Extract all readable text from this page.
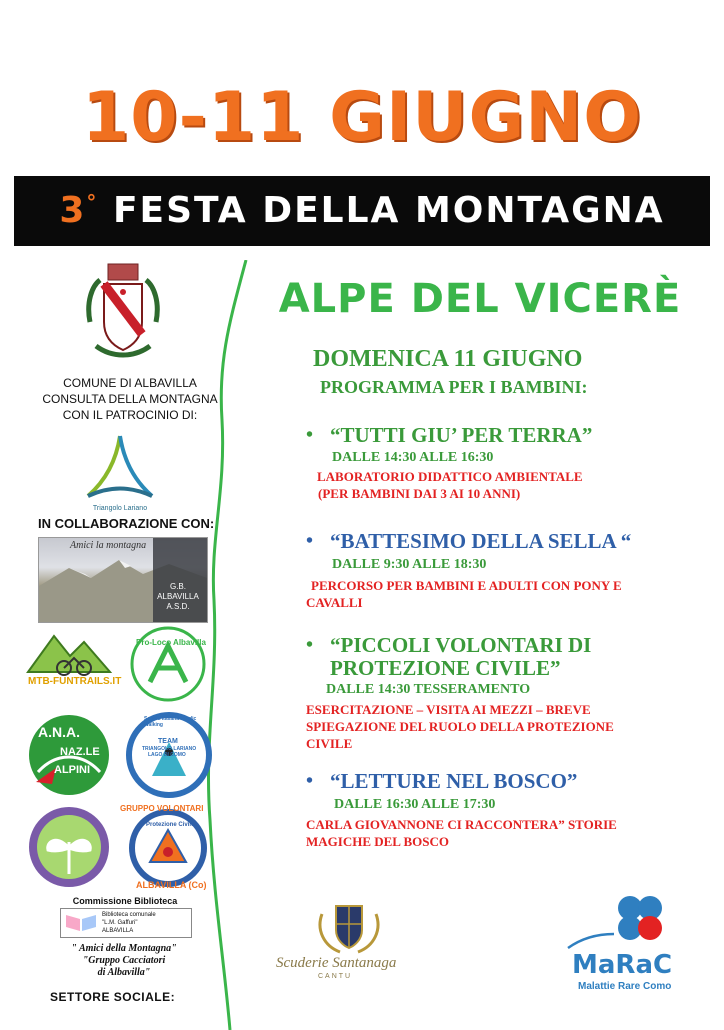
10-11 GIUGNO
3° FESTA DELLA MONTAGNA
ALPE DEL VICERÈ
DOMENICA 11 GIUGNO
PROGRAMMA PER I BAMBINI:
• “TUTTI GIU’ PER TERRA”
DALLE 14:30 ALLE 16:30
LABORATORIO DIDATTICO AMBIENTALE
(PER BAMBINI DAI 3 AI 10 ANNI)
• “BATTESIMO DELLA SELLA “
DALLE 9:30 ALLE 18:30
PERCORSO PER BAMBINI E ADULTI CON PONY E
CAVALLI
• “PICCOLI VOLONTARI DI
PROTEZIONE CIVILE”
DALLE 14:30 TESSERAMENTO
ESERCITAZIONE – VISITA AI MEZZI – BREVE
SPIEGAZIONE DEL RUOLO DELLA PROTEZIONE
CIVILE
• “LETTURE NEL BOSCO”
DALLE 16:30 ALLE 17:30
CARLA GIOVANNONE CI RACCONTERA” STORIE
MAGICHE DEL BOSCO
COMUNE DI ALBAVILLA
CONSULTA DELLA MONTAGNA
CON IL PATROCINIO DI:
Triangolo Lariano
IN COLLABORAZIONE CON:
Amici la montagna
G.B.
ALBAVILLA
A.S.D.
MTB-FUNTRAILS.IT
Pro-Loco Albavilla
A.N.A.
NAZ.LE
ALPINI
Scuola Italiana Nordic Walking
TEAM
TRIANGOLO LARIANO
LAGO DI COMO
GRUPPO VOLONTARI
Protezione Civile
ALBAVILLA (Co)
Commissione Biblioteca
Biblioteca comunale
"L.M. Gaffuri"
ALBAVILLA
" Amici della Montagna"
"Gruppo Cacciatori
di Albavilla"
SETTORE SOCIALE:
Scuderie Santanaga
CANTU	MaRaC
Malattie Rare Como
